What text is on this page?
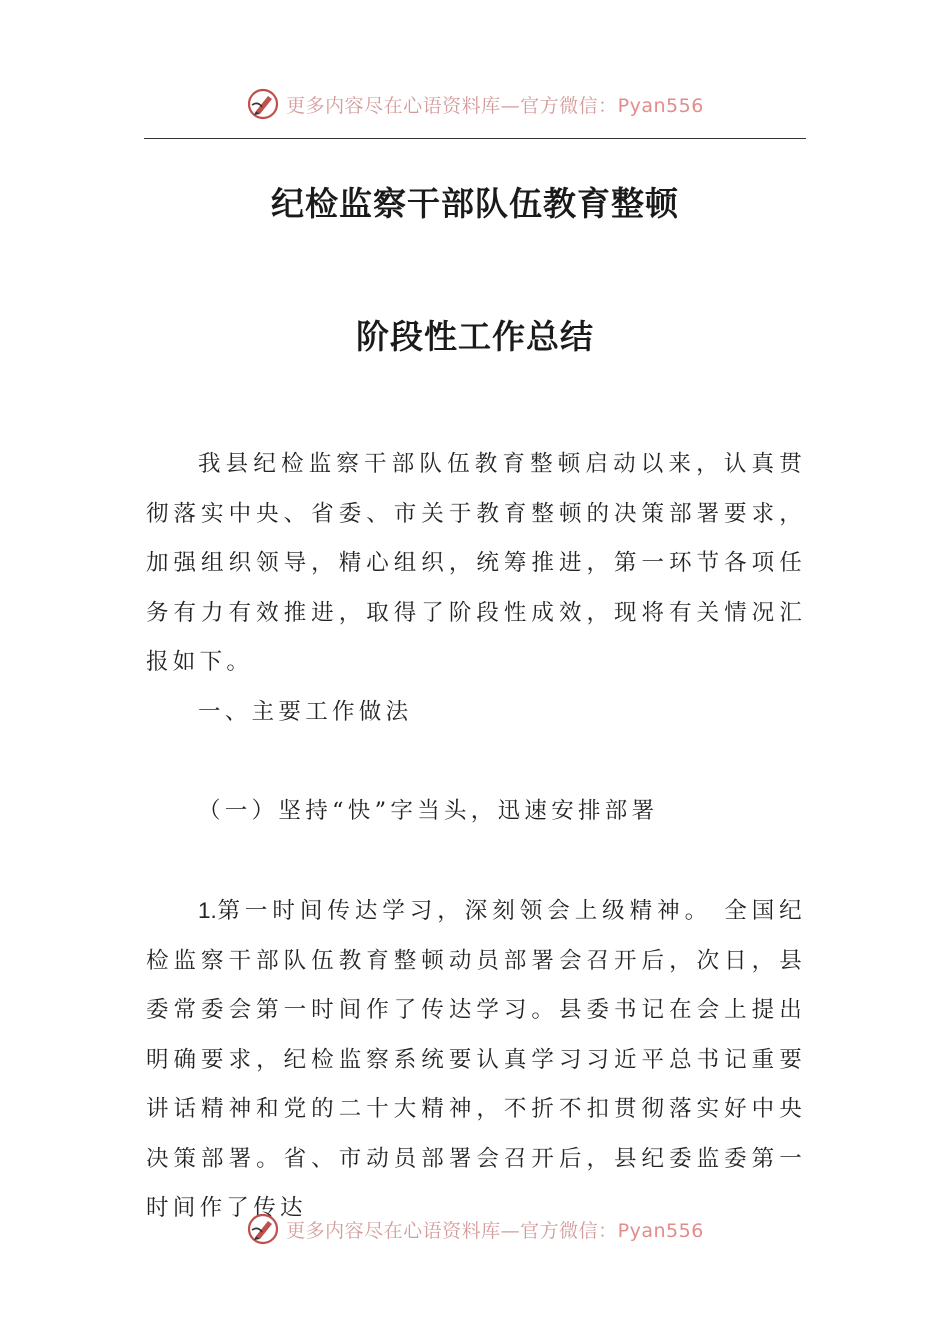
更多内容尽在心语资料库—官方微信：Pyan556
纪检监察干部队伍教育整顿
阶段性工作总结
我县纪检监察干部队伍教育整顿启动以来，认真贯彻落实中央、省委、市关于教育整顿的决策部署要求，加强组织领导，精心组织，统筹推进，第一环节各项任务有力有效推进，取得了阶段性成效，现将有关情况汇报如下。
一、主要工作做法
（一）坚持“快”字当头，迅速安排部署
1.第一时间传达学习，深刻领会上级精神。 全国纪检监察干部队伍教育整顿动员部署会召开后，次日，县委常委会第一时间作了传达学习。县委书记在会上提出明确要求，纪检监察系统要认真学习习近平总书记重要讲话精神和党的二十大精神，不折不扣贯彻落实好中央决策部署。省、市动员部署会召开后，县纪委监委第一时间作了传达
更多内容尽在心语资料库—官方微信：Pyan556
